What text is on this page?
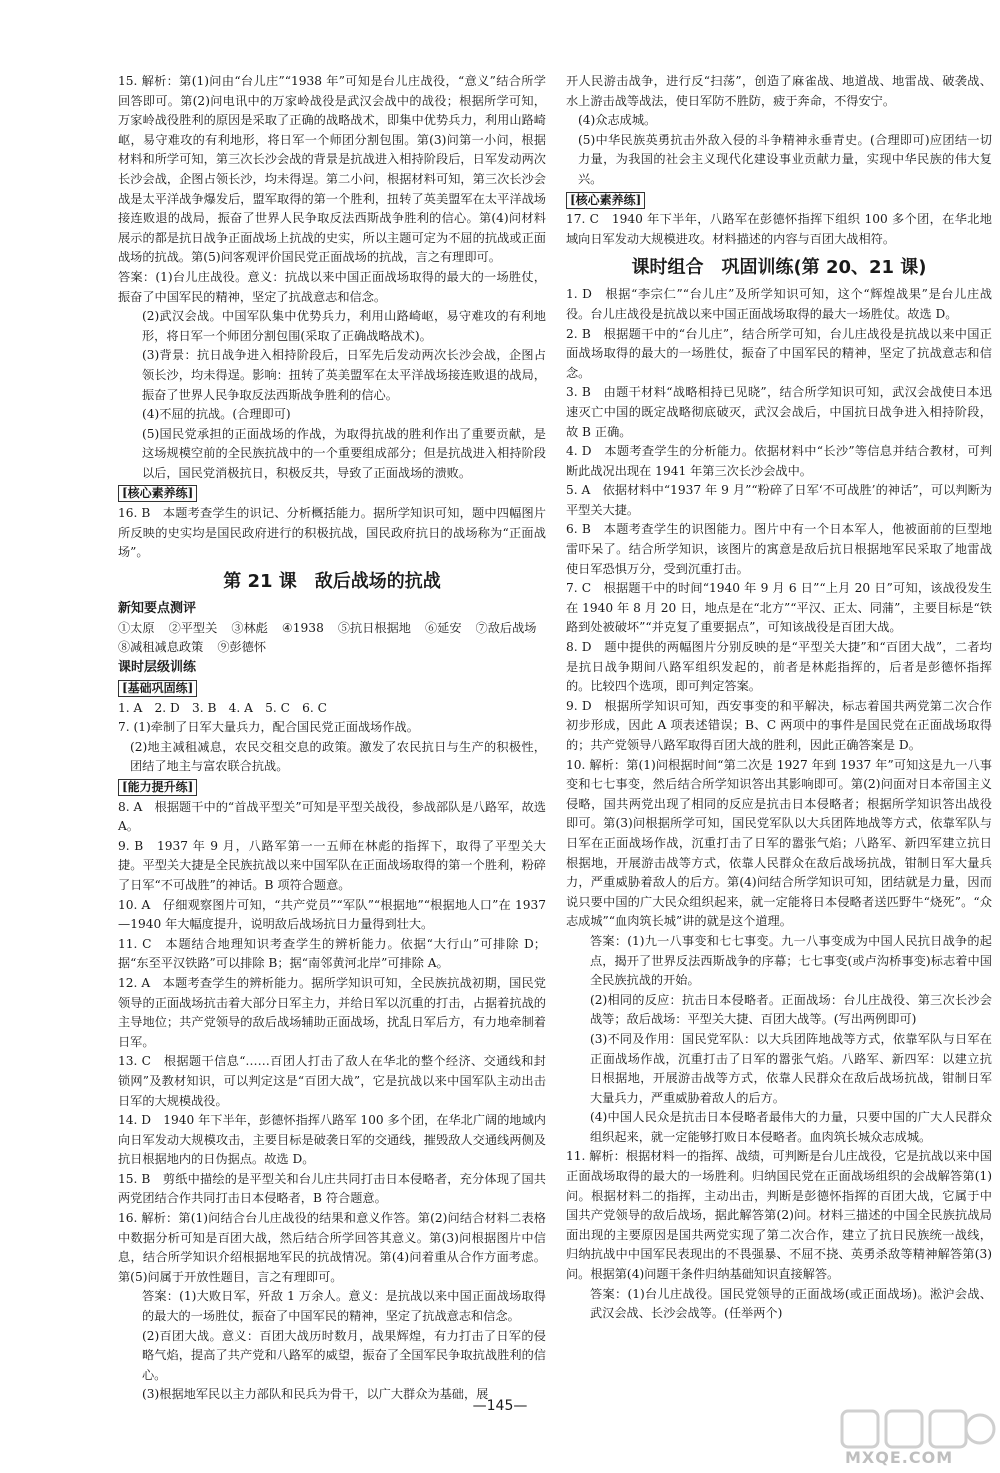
15. 解析：第(1)问由“台儿庄”“1938 年”可知是台儿庄战役，“意义”结合所学回答即可。第(2)问电讯中的万家岭战役是武汉会战中的战役；根据所学可知，万家岭战役胜利的原因是采取了正确的战略战术，即集中优势兵力，利用山路崎岖，易守难攻的有利地形，将日军一个师团分割包围。第(3)问第一小问，根据材料和所学可知，第三次长沙会战的背景是抗战进入相持阶段后，日军发动两次长沙会战，企图占领长沙，均未得逞。第二小问，根据材料可知，第三次长沙会战是太平洋战争爆发后，盟军取得的第一个胜利，扭转了英美盟军在太平洋战场接连败退的战局，振奋了世界人民争取反法西斯战争胜利的信心。第(4)问材料展示的都是抗日战争正面战场上抗战的史实，所以主题可定为不屈的抗战或正面战场的抗战。第(5)问客观评价国民党正面战场的抗战，言之有理即可。

答案：(1)台儿庄战役。意义：抗战以来中国正面战场取得的最大的一场胜仗，振奋了中国军民的精神，坚定了抗战意志和信念。

(2)武汉会战。中国军队集中优势兵力，利用山路崎岖，易守难攻的有利地形，将日军一个师团分割包围(采取了正确战略战术)。

(3)背景：抗日战争进入相持阶段后，日军先后发动两次长沙会战，企图占领长沙，均未得逞。影响：扭转了英美盟军在太平洋战场接连败退的战局，振奋了世界人民争取反法西斯战争胜利的信心。

(4)不屈的抗战。(合理即可)

(5)国民党承担的正面战场的作战，为取得抗战的胜利作出了重要贡献，是这场规模空前的全民族抗战中的一个重要组成部分；但是抗战进入相持阶段以后，国民党消极抗日，积极反共，导致了正面战场的溃败。

[核心素养练]

16. B　本题考查学生的识记、分析概括能力。据所学知识可知，题中四幅图片所反映的史实均是国民政府进行的积极抗战，国民政府抗日的战场称为“正面战场”。

第 21 课　敌后战场的抗战

新知要点测评

①太原 ②平型关 ③林彪 ④1938 ⑤抗日根据地 ⑥延安 ⑦敌后战场
⑧减租减息政策 ⑨彭德怀

课时层级训练

[基础巩固练]

1. A　2. D　3. B　4. A　5. C　6. C

7. (1)牵制了日军大量兵力，配合国民党正面战场作战。

(2)地主减租减息，农民交租交息的政策。激发了农民抗日与生产的积极性，团结了地主与富农联合抗战。

[能力提升练]

8. A　根据题干中的“首战平型关”可知是平型关战役，参战部队是八路军，故选 A。

9. B　1937 年 9 月，八路军第一一五师在林彪的指挥下，取得了平型关大捷。平型关大捷是全民族抗战以来中国军队在正面战场取得的第一个胜利，粉碎了日军“不可战胜”的神话。B 项符合题意。

10. A　仔细观察图片可知，“共产党员”“军队”“根据地”“根据地人口”在 1937—1940 年大幅度提升，说明敌后战场抗日力量得到壮大。

11. C　本题结合地理知识考查学生的辨析能力。依据“大行山”可排除 D；据“东至平汉铁路”可以排除 B；据“南邻黄河北岸”可排除 A。

12. A　本题考查学生的辨析能力。据所学知识可知，全民族抗战初期，国民党领导的正面战场抗击着大部分日军主力，并给日军以沉重的打击，占据着抗战的主导地位；共产党领导的敌后战场辅助正面战场，扰乱日军后方，有力地牵制着日军。

13. C　根据题干信息“……百团人打击了敌人在华北的整个经济、交通线和封锁网”及教材知识，可以判定这是“百团大战”，它是抗战以来中国军队主动出击日军的大规模战役。

14. D　1940 年下半年，彭德怀指挥八路军 100 多个团，在华北广阔的地域内向日军发动大规模攻击，主要目标是破袭日军的交通线，摧毁敌人交通线两侧及抗日根据地内的日伪据点。故选 D。

15. B　剪纸中描绘的是平型关和台儿庄共同打击日本侵略者，充分体现了国共两党团结合作共同打击日本侵略者，B 符合题意。

16. 解析：第(1)问结合台儿庄战役的结果和意义作答。第(2)问结合材料二表格中数据分析可知是百团大战，然后结合所学回答其意义。第(3)问根据图片中信息，结合所学知识介绍根据地军民的抗战情况。第(4)问着重从合作方面考虑。第(5)问属于开放性题目，言之有理即可。

答案：(1)大败日军，歼敌 1 万余人。意义：是抗战以来中国正面战场取得的最大的一场胜仗，振奋了中国军民的精神，坚定了抗战意志和信念。

(2)百团大战。意义：百团大战历时数月，战果辉煌，有力打击了日军的侵略气焰，提高了共产党和八路军的威望，振奋了全国军民争取抗战胜利的信心。

(3)根据地军民以主力部队和民兵为骨干，以广大群众为基础，展

开人民游击战争，进行反“扫荡”，创造了麻雀战、地道战、地雷战、破袭战、水上游击战等战法，使日军防不胜防，疲于奔命，不得安宁。

(4)众志成城。

(5)中华民族英勇抗击外敌入侵的斗争精神永垂青史。(合理即可)应团结一切力量，为我国的社会主义现代化建设事业贡献力量，实现中华民族的伟大复兴。

[核心素养练]

17. C　1940 年下半年，八路军在彭德怀指挥下组织 100 多个团，在华北地域向日军发动大规模进攻。材料描述的内容与百团大战相符。

课时组合　巩固训练(第 20、21 课)

1. D　根据“李宗仁”“台儿庄”及所学知识可知，这个“辉煌战果”是台儿庄战役。台儿庄战役是抗战以来中国正面战场取得的最大一场胜仗。故选 D。

2. B　根据题干中的“台儿庄”，结合所学可知，台儿庄战役是抗战以来中国正面战场取得的最大的一场胜仗，振奋了中国军民的精神，坚定了抗战意志和信念。

3. B　由题干材料“战略相持已见晓”，结合所学知识可知，武汉会战使日本迅速灭亡中国的既定战略彻底破灭，武汉会战后，中国抗日战争进入相持阶段，故 B 正确。

4. D　本题考查学生的分析能力。依据材料中“长沙”等信息并结合教材，可判断此战况出现在 1941 年第三次长沙会战中。

5. A　依据材料中“1937 年 9 月”“粉碎了日军‘不可战胜’的神话”，可以判断为平型关大捷。

6. B　本题考查学生的识图能力。图片中有一个日本军人，他被面前的巨型地雷吓呆了。结合所学知识，该图片的寓意是敌后抗日根据地军民采取了地雷战使日军恐惧万分，受到沉重打击。

7. C　根据题干中的时间“1940 年 9 月 6 日”“上月 20 日”可知，该战役发生在 1940 年 8 月 20 日，地点是在“北方”“平汉、正太、同蒲”，主要目标是“铁路到处被破坏”“并克复了重要据点”，可知该战役是百团大战。

8. D　题中提供的两幅图片分别反映的是“平型关大捷”和“百团大战”，二者均是抗日战争期间八路军组织发起的，前者是林彪指挥的，后者是彭德怀指挥的。比较四个选项，即可判定答案。

9. D　根据所学知识可知，西安事变的和平解决，标志着国共两党第二次合作初步形成，因此 A 项表述错误；B、C 两项中的事件是国民党在正面战场取得的；共产党领导八路军取得百团大战的胜利，因此正确答案是 D。

10. 解析：第(1)问根据时间“第二次是 1927 年到 1937 年”可知这是九一八事变和七七事变，然后结合所学知识答出其影响即可。第(2)问面对日本帝国主义侵略，国共两党出现了相同的反应是抗击日本侵略者；根据所学知识答出战役即可。第(3)问根据所学可知，国民党军队以大兵团阵地战等方式，依靠军队与日军在正面战场作战，沉重打击了日军的嚣张气焰；八路军、新四军建立抗日根据地，开展游击战等方式，依靠人民群众在敌后战场抗战，钳制日军大量兵力，严重威胁着敌人的后方。第(4)问结合所学知识可知，团结就是力量，因而说只要中国的广大民众组织起来，就一定能将日本侵略者送匹野牛“烧死”。“众志成城”“血肉筑长城”讲的就是这个道理。

答案：(1)九一八事变和七七事变。九一八事变成为中国人民抗日战争的起点，揭开了世界反法西斯战争的序幕；七七事变(或卢沟桥事变)标志着中国全民族抗战的开始。

(2)相同的反应：抗击日本侵略者。正面战场：台儿庄战役、第三次长沙会战等；敌后战场：平型关大捷、百团大战等。(写出两例即可)

(3)不同及作用：国民党军队：以大兵团阵地战等方式，依靠军队与日军在正面战场作战，沉重打击了日军的嚣张气焰。八路军、新四军：以建立抗日根据地，开展游击战等方式，依靠人民群众在敌后战场抗战，钳制日军大量兵力，严重威胁着敌人的后方。

(4)中国人民众是抗击日本侵略者最伟大的力量，只要中国的广大人民群众组织起来，就一定能够打败日本侵略者。血肉筑长城众志成城。

11. 解析：根据材料一的指挥、战绩，可判断是台儿庄战役，它是抗战以来中国正面战场取得的最大的一场胜利。归纳国民党在正面战场组织的会战解答第(1)问。根据材料二的指挥，主动出击，判断是彭德怀指挥的百团大战，它属于中国共产党领导的敌后战场，据此解答第(2)问。材料三描述的中国全民族抗战局面出现的主要原因是国共两党实现了第二次合作，建立了抗日民族统一战线，归纳抗战中中国军民表现出的不畏强暴、不屈不挠、英勇杀敌等精神解答第(3)问。根据第(4)问题干条件归纳基础知识直接解答。

答案：(1)台儿庄战役。国民党领导的正面战场(或正面战场)。淞沪会战、武汉会战、长沙会战等。(任举两个)

—145—
MXQE.COM
